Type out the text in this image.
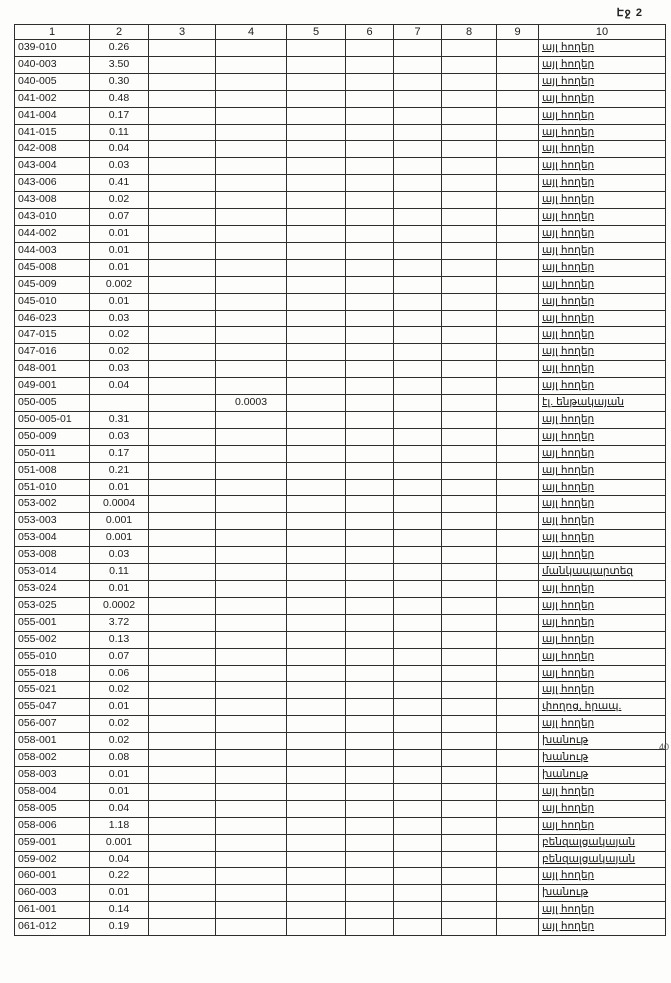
Էջ 2
1	2	3	4	5	6	7	8	9	10
039-010	0.26								այլ հողեր
040-003	3.50								այլ հողեր
040-005	0.30								այլ հողեր
041-002	0.48								այլ հողեր
041-004	0.17								այլ հողեր
041-015	0.11								այլ հողեր
042-008	0.04								այլ հողեր
043-004	0.03								այլ հողեր
043-006	0.41								այլ հողեր
043-008	0.02								այլ հողեր
043-010	0.07								այլ հողեր
044-002	0.01								այլ հողեր
044-003	0.01								այլ հողեր
045-008	0.01								այլ հողեր
045-009	0.002								այլ հողեր
045-010	0.01								այլ հողեր
046-023	0.03								այլ հողեր
047-015	0.02								այլ հողեր
047-016	0.02								այլ հողեր
048-001	0.03								այլ հողեր
049-001	0.04								այլ հողեր
050-005			0.0003						էլ. ենթակայան
050-005-01	0.31								այլ հողեր
050-009	0.03								այլ հողեր
050-011	0.17								այլ հողեր
051-008	0.21								այլ հողեր
051-010	0.01								այլ հողեր
053-002	0.0004								այլ հողեր
053-003	0.001								այլ հողեր
053-004	0.001								այլ հողեր
053-008	0.03								այլ հողեր
053-014	0.11								մանկապարտեզ
053-024	0.01								այլ հողեր
053-025	0.0002								այլ հողեր
055-001	3.72								այլ հողեր
055-002	0.13								այլ հողեր
055-010	0.07								այլ հողեր
055-018	0.06								այլ հողեր
055-021	0.02								այլ հողեր
055-047	0.01								փողոց, հրապ.
056-007	0.02								այլ հողեր
058-001	0.02								խանութ
058-002	0.08								խանութ
058-003	0.01								խանութ
058-004	0.01								այլ հողեր
058-005	0.04								այլ հողեր
058-006	1.18								այլ հողեր
059-001	0.001								բենզալցակայան
059-002	0.04								բենզալցակայան
060-001	0.22								այլ հողեր
060-003	0.01								խանութ
061-001	0.14								այլ հողեր
061-012	0.19								այլ հողեր
40
